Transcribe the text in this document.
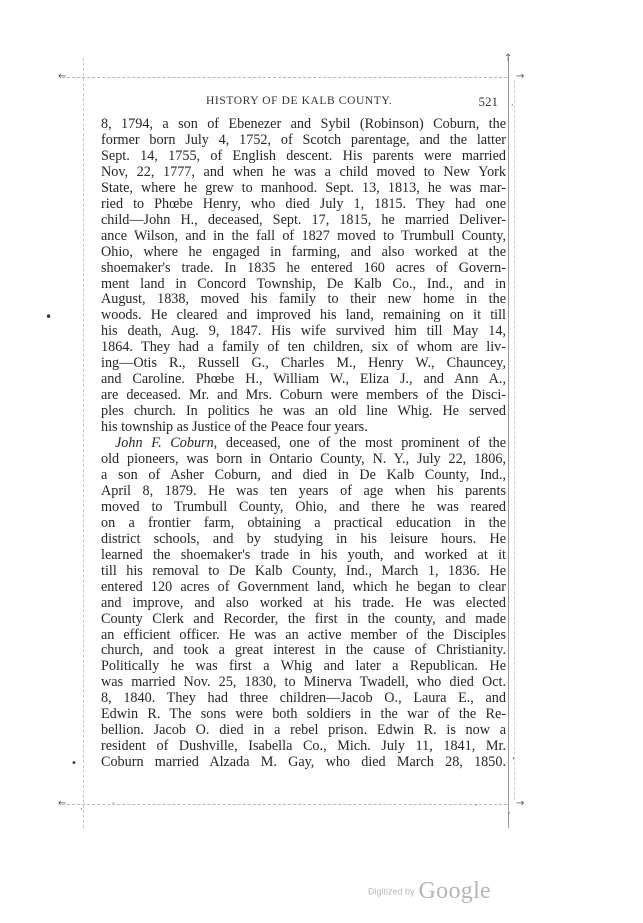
←
↑
→
←	→
ʹ
ʹ	ʹ
ʹ	ʹ
•
•	ʹ
HISTORY OF DE KALB COUNTY.	521

8, 1794, a son of Ebenezer and Sybil (Robinson) Coburn, the
former born July 4, 1752, of Scotch parentage, and the latter
Sept. 14, 1755, of English descent. His parents were married
Nov, 22, 1777, and when he was a child moved to New York
State, where he grew to manhood. Sept. 13, 1813, he was mar-
ried to Phœbe Henry, who died July 1, 1815. They had one
child—John H., deceased, Sept. 17, 1815, he married Deliver-
ance Wilson, and in the fall of 1827 moved to Trumbull County,
Ohio, where he engaged in farming, and also worked at the
shoemaker's trade. In 1835 he entered 160 acres of Govern-
ment land in Concord Township, De Kalb Co., Ind., and in
August, 1838, moved his family to their new home in the
woods. He cleared and improved his land, remaining on it till
his death, Aug. 9, 1847. His wife survived him till May 14,
1864. They had a family of ten children, six of whom are liv-
ing—Otis R., Russell G., Charles M., Henry W., Chauncey,
and Caroline. Phœbe H., William W., Eliza J., and Ann A.,
are deceased. Mr. and Mrs. Coburn were members of the Disci-
ples church. In politics he was an old line Whig. He served
his township as Justice of the Peace four years.

John F. Coburn, deceased, one of the most prominent of the
old pioneers, was born in Ontario County, N. Y., July 22, 1806,
a son of Asher Coburn, and died in De Kalb County, Ind.,
April 8, 1879. He was ten years of age when his parents
moved to Trumbull County, Ohio, and there he was reared
on a frontier farm, obtaining a practical education in the
district schools, and by studying in his leisure hours. He
learned the shoemaker's trade in his youth, and worked at it
till his removal to De Kalb County, Ind., March 1, 1836. He
entered 120 acres of Government land, which he began to clear
and improve, and also worked at his trade. He was elected
County Clerk and Recorder, the first in the county, and made
an efficient officer. He was an active member of the Disciples
church, and took a great interest in the cause of Christianity.
Politically he was first a Whig and later a Republican. He
was married Nov. 25, 1830, to Minerva Twadell, who died Oct.
8, 1840. They had three children—Jacob O., Laura E., and
Edwin R. The sons were both soldiers in the war of the Re-
bellion. Jacob O. died in a rebel prison. Edwin R. is now a
resident of Dushville, Isabella Co., Mich. July 11, 1841, Mr.
Coburn married Alzada M. Gay, who died March 28, 1850.

Digitized by Google
